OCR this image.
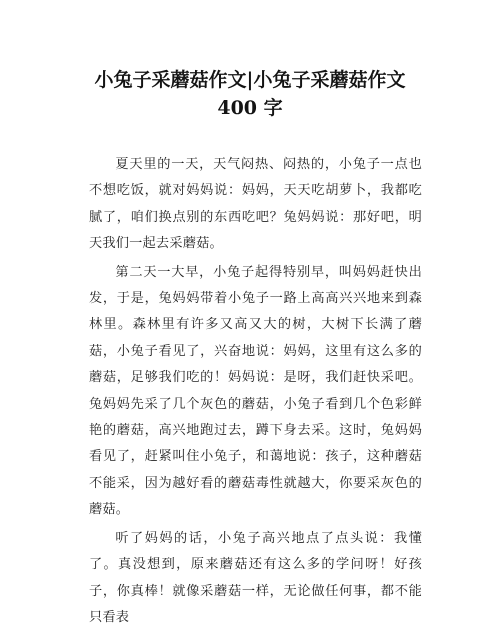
小兔子采蘑菇作文|小兔子采蘑菇作文
400 字

夏天里的一天，天气闷热、闷热的，小兔子一点也不想吃饭，就对妈妈说：妈妈，天天吃胡萝卜，我都吃腻了，咱们换点别的东西吃吧？兔妈妈说：那好吧，明天我们一起去采蘑菇。

第二天一大早，小兔子起得特别早，叫妈妈赶快出发，于是，兔妈妈带着小兔子一路上高高兴兴地来到森林里。森林里有许多又高又大的树，大树下长满了蘑菇，小兔子看见了，兴奋地说：妈妈，这里有这么多的蘑菇，足够我们吃的！妈妈说：是呀，我们赶快采吧。兔妈妈先采了几个灰色的蘑菇，小兔子看到几个色彩鲜艳的蘑菇，高兴地跑过去，蹲下身去采。这时，兔妈妈看见了，赶紧叫住小兔子，和蔼地说：孩子，这种蘑菇不能采，因为越好看的蘑菇毒性就越大，你要采灰色的蘑菇。

听了妈妈的话，小兔子高兴地点了点头说：我懂了。真没想到，原来蘑菇还有这么多的学问呀！好孩子，你真棒！就像采蘑菇一样，无论做任何事，都不能只看表
